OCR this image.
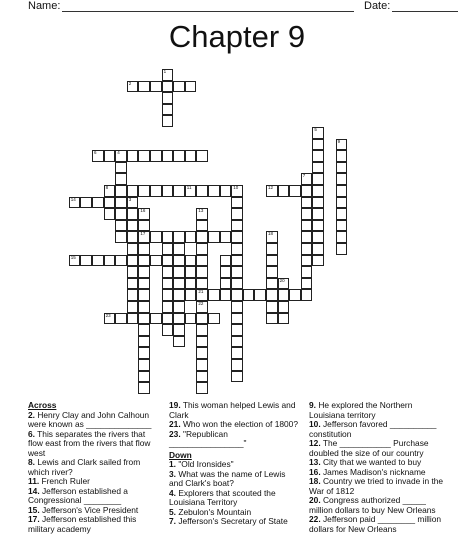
Name:	Date:
Chapter 9
1
2
4
6
8	11
3
10	12
9
5
7
13
21
22
16
17
14
18
15
20
23
Across
2. Henry Clay and John Calhoun were known as ______________
6. This separates the rivers that flow east from the rivers that flow west
8. Lewis and Clark sailed from which river?
11. French Ruler
14. Jefferson established a Congressional ________
15. Jefferson's Vice President
17. Jefferson established this military academy
19. This woman helped Lewis and Clark
21. Who won the election of 1800?
23. "Republican ________________"
Down
1. "Old Ironsides"
3. What was the name of Lewis and Clark's boat?
4. Explorers that scouted the Louisiana Territory
5. Zebulon's Mountain
7. Jefferson's Secretary of State
9. He explored the Northern Louisiana territory
10. Jefferson favored __________ constitution
12. The ___________ Purchase doubled the size of our country
13. City that we wanted to buy
16. James Madison's nickname
18. Country we tried to invade in the War of 1812
20. Congress authorized _____ million dollars to buy New Orleans
22. Jefferson paid ________ million dollars for New Orleans
